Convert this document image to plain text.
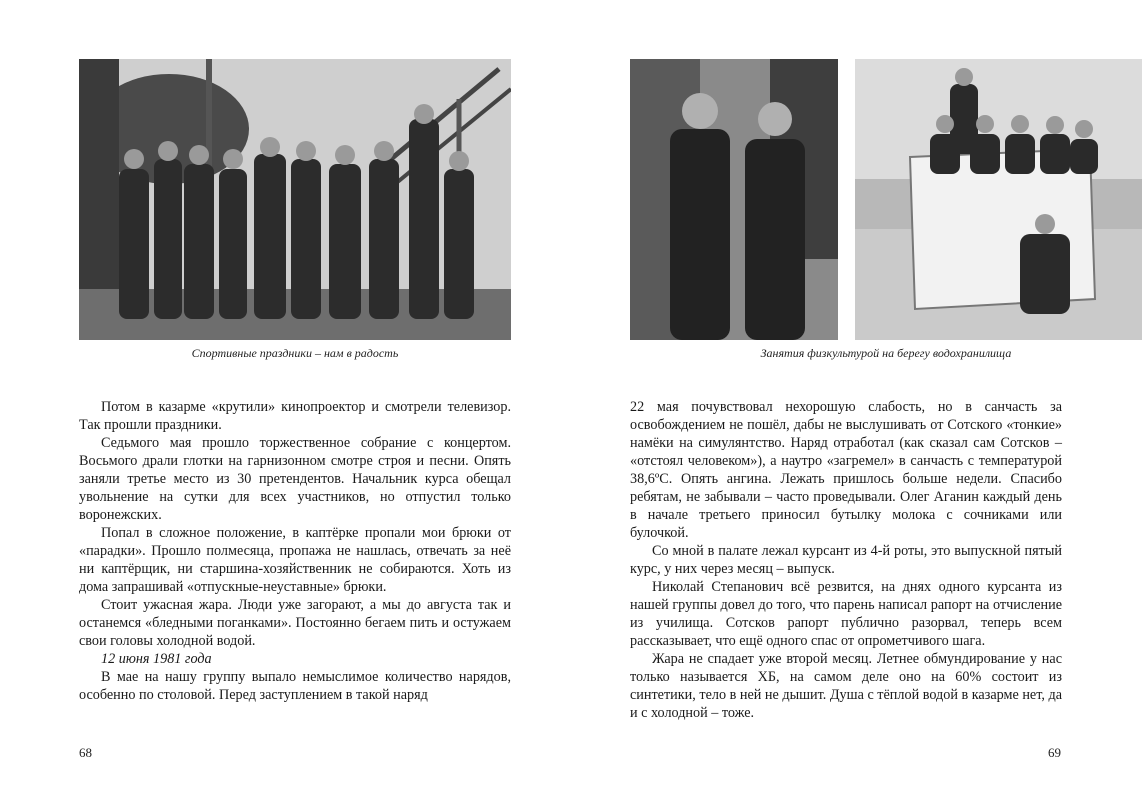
Спортивные праздники – нам в радость

Потом в казарме «крутили» кинопроектор и смотрели телевизор. Так прошли праздники.

Седьмого мая прошло торжественное собрание с концертом. Восьмого драли глотки на гарнизонном смотре строя и песни. Опять заняли третье место из 30 претендентов. Начальник курса обещал увольнение на сутки для всех участников, но отпустил только воронежских.

Попал в сложное положение, в каптёрке пропали мои брюки от «парадки». Прошло полмесяца, пропажа не нашлась, отвечать за неё ни каптёрщик, ни старшина-хозяйственник не собираются. Хоть из дома запрашивай «отпускные-неуставные» брюки.

Стоит ужасная жара. Люди уже загорают, а мы до августа так и останемся «бледными поганками». Постоянно бегаем пить и остужаем свои головы холодной водой.

12 июня 1981 года

В мае на нашу группу выпало немыслимое количество нарядов, особенно по столовой. Перед заступлением в такой наряд

68
Занятия физкультурой на берегу водохранилища

22 мая почувствовал нехорошую слабость, но в санчасть за освобождением не пошёл, дабы не выслушивать от Сотского «тонкие» намёки на симулянтство. Наряд отработал (как сказал сам Сотсков – «отстоял человеком»), а наутро «загремел» в санчасть с температурой 38,6ºС. Опять ангина. Лежать пришлось больше недели. Спасибо ребятам, не забывали – часто проведывали. Олег Аганин каждый день в начале третьего приносил бутылку молока с сочниками или булочкой.

Со мной в палате лежал курсант из 4-й роты, это выпускной пятый курс, у них через месяц – выпуск.

Николай Степанович всё резвится, на днях одного курсанта из нашей группы довел до того, что парень написал рапорт на отчисление из училища. Сотсков рапорт публично разорвал, теперь всем рассказывает, что ещё одного спас от опрометчивого шага.

Жара не спадает уже второй месяц. Летнее обмундирование у нас только называется ХБ, на самом деле оно на 60% состоит из синтетики, тело в ней не дышит. Душа с тёплой водой в казарме нет, да и с холодной – тоже.

69
